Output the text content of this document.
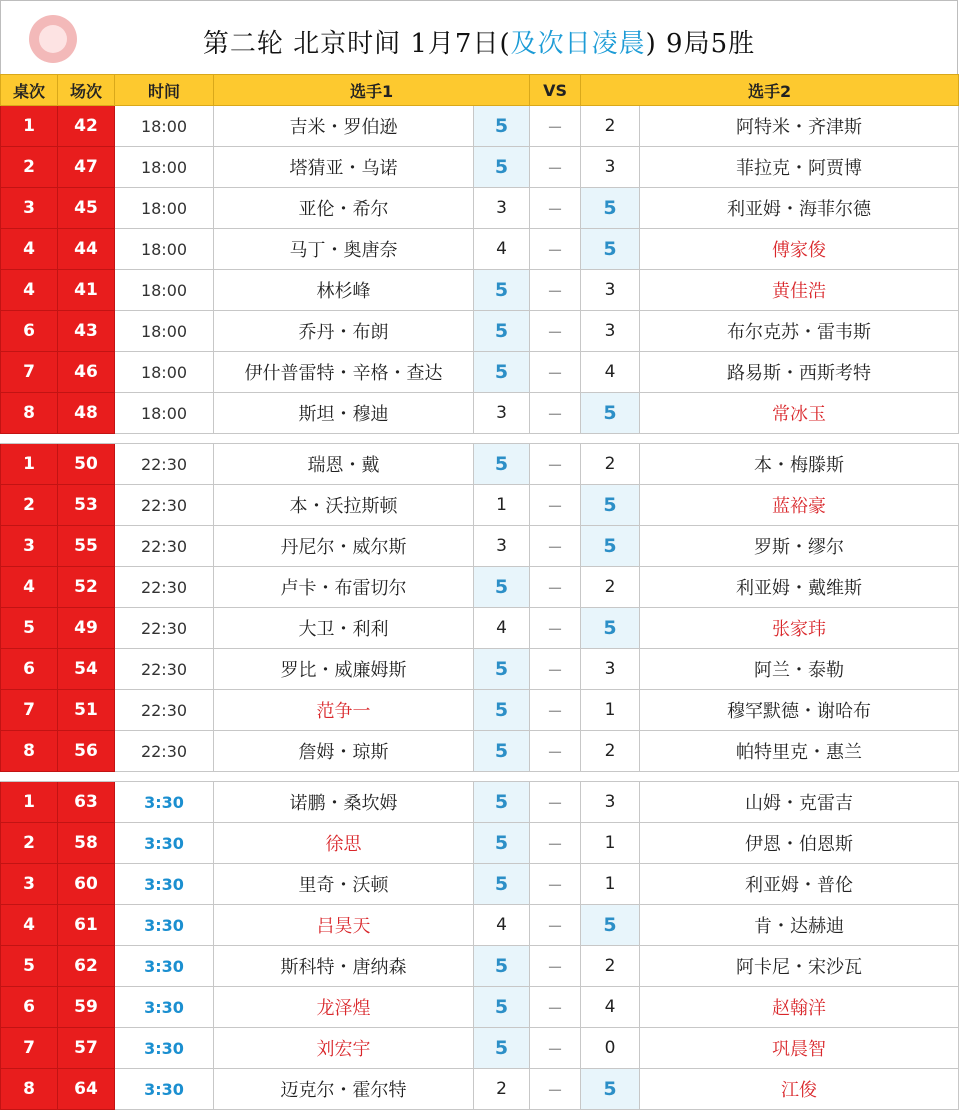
第二轮 北京时间 1月7日(及次日凌晨) 9局5胜
桌次	场次	时间	选手1		VS	选手2	
1	42	18:00	吉米・罗伯逊	5	－	2	阿特米・齐津斯
2	47	18:00	塔猜亚・乌诺	5	－	3	菲拉克・阿贾博
3	45	18:00	亚伦・希尔	3	－	5	利亚姆・海菲尔德
4	44	18:00	马丁・奥唐奈	4	－	5	傅家俊
4	41	18:00	林杉峰	5	－	3	黄佳浩
6	43	18:00	乔丹・布朗	5	－	3	布尔克苏・雷韦斯
7	46	18:00	伊什普雷特・辛格・查达	5	－	4	路易斯・西斯考特
8	48	18:00	斯坦・穆迪	3	－	5	常冰玉

1	50	22:30	瑞恩・戴	5	－	2	本・梅滕斯
2	53	22:30	本・沃拉斯顿	1	－	5	蓝裕豪
3	55	22:30	丹尼尔・威尔斯	3	－	5	罗斯・缪尔
4	52	22:30	卢卡・布雷切尔	5	－	2	利亚姆・戴维斯
5	49	22:30	大卫・利利	4	－	5	张家玮
6	54	22:30	罗比・威廉姆斯	5	－	3	阿兰・泰勒
7	51	22:30	范争一	5	－	1	穆罕默德・谢哈布
8	56	22:30	詹姆・琼斯	5	－	2	帕特里克・惠兰

1	63	3:30	诺鹏・桑坎姆	5	－	3	山姆・克雷吉
2	58	3:30	徐思	5	－	1	伊恩・伯恩斯
3	60	3:30	里奇・沃顿	5	－	1	利亚姆・普伦
4	61	3:30	吕昊天	4	－	5	肯・达赫迪
5	62	3:30	斯科特・唐纳森	5	－	2	阿卡尼・宋沙瓦
6	59	3:30	龙泽煌	5	－	4	赵翰洋
7	57	3:30	刘宏宇	5	－	0	巩晨智
8	64	3:30	迈克尔・霍尔特	2	－	5	江俊
